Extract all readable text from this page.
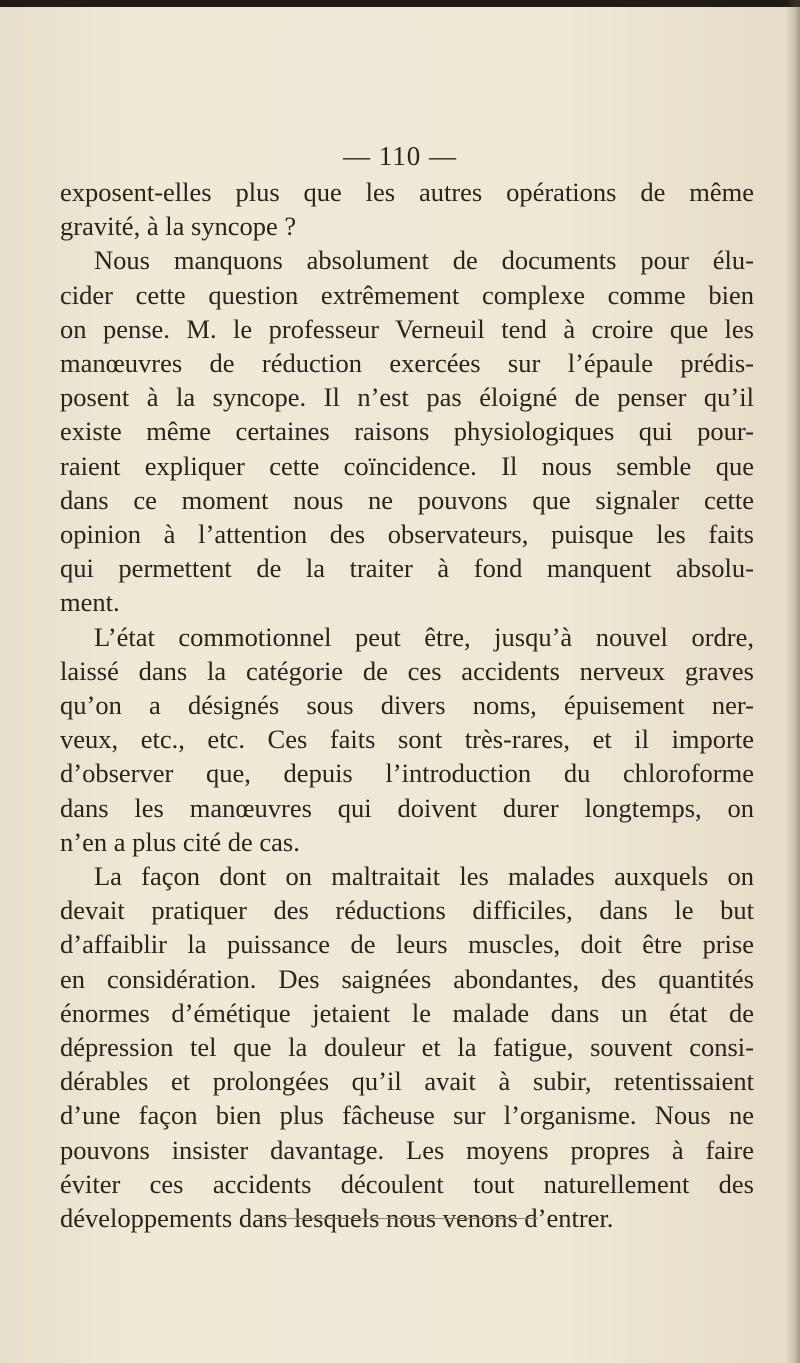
— 110 —
exposent-elles plus que les autres opérations de même
gravité, à la syncope ?
Nous manquons absolument de documents pour élu-
cider cette question extrêmement complexe comme bien
on pense. M. le professeur Verneuil tend à croire que les
manœuvres de réduction exercées sur l’épaule prédis-
posent à la syncope. Il n’est pas éloigné de penser qu’il
existe même certaines raisons physiologiques qui pour-
raient expliquer cette coïncidence. Il nous semble que
dans ce moment nous ne pouvons que signaler cette
opinion à l’attention des observateurs, puisque les faits
qui permettent de la traiter à fond manquent absolu-
ment.
L’état commotionnel peut être, jusqu’à nouvel ordre,
laissé dans la catégorie de ces accidents nerveux graves
qu’on a désignés sous divers noms, épuisement ner-
veux, etc., etc. Ces faits sont très-rares, et il importe
d’observer que, depuis l’introduction du chloroforme
dans les manœuvres qui doivent durer longtemps, on
n’en a plus cité de cas.
La façon dont on maltraitait les malades auxquels on
devait pratiquer des réductions difficiles, dans le but
d’affaiblir la puissance de leurs muscles, doit être prise
en considération. Des saignées abondantes, des quantités
énormes d’émétique jetaient le malade dans un état de
dépression tel que la douleur et la fatigue, souvent consi-
dérables et prolongées qu’il avait à subir, retentissaient
d’une façon bien plus fâcheuse sur l’organisme. Nous ne
pouvons insister davantage. Les moyens propres à faire
éviter ces accidents découlent tout naturellement des
développements dans lesquels nous venons d’entrer.
